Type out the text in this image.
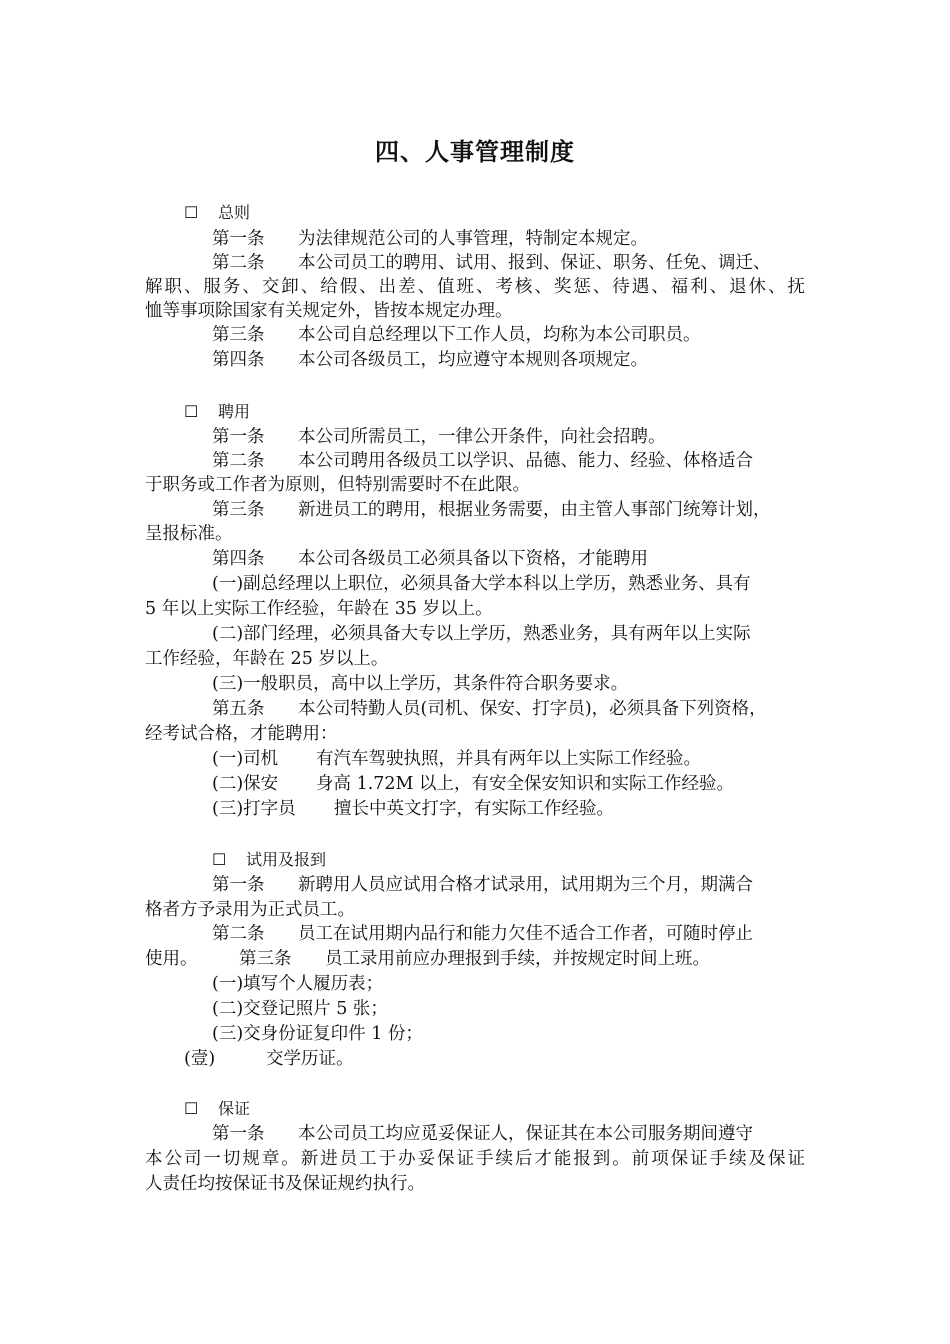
四、人事管理制度
☐ 总则
第一条 为法律规范公司的人事管理，特制定本规定。
第二条 本公司员工的聘用、试用、报到、保证、职务、任免、调迁、
解职、服务、交卸、给假、出差、值班、考核、奖惩、待遇、福利、退休、抚
恤等事项除国家有关规定外，皆按本规定办理。
第三条 本公司自总经理以下工作人员，均称为本公司职员。
第四条 本公司各级员工，均应遵守本规则各项规定。
☐ 聘用
第一条 本公司所需员工，一律公开条件，向社会招聘。
第二条 本公司聘用各级员工以学识、品德、能力、经验、体格适合
于职务或工作者为原则，但特别需要时不在此限。
第三条 新进员工的聘用，根据业务需要，由主管人事部门统筹计划，
呈报标准。
第四条 本公司各级员工必须具备以下资格，才能聘用
(一)副总经理以上职位，必须具备大学本科以上学历，熟悉业务、具有
5 年以上实际工作经验，年龄在 35 岁以上。
(二)部门经理，必须具备大专以上学历，熟悉业务，具有两年以上实际
工作经验，年龄在 25 岁以上。
(三)一般职员，高中以上学历，其条件符合职务要求。
第五条 本公司特勤人员(司机、保安、打字员)，必须具备下列资格，
经考试合格，才能聘用：
(一)司机 有汽车驾驶执照，并具有两年以上实际工作经验。
(二)保安 身高 1.72M 以上，有安全保安知识和实际工作经验。
(三)打字员 擅长中英文打字，有实际工作经验。
☐ 试用及报到
第一条 新聘用人员应试用合格才试录用，试用期为三个月，期满合
格者方予录用为正式员工。
第二条 员工在试用期内品行和能力欠佳不适合工作者，可随时停止
使用。 第三条 员工录用前应办理报到手续，并按规定时间上班。
(一)填写个人履历表；
(二)交登记照片 5 张；
(三)交身份证复印件 1 份；
(壹)	交学历证。
☐ 保证
第一条 本公司员工均应觅妥保证人，保证其在本公司服务期间遵守
本公司一切规章。新进员工于办妥保证手续后才能报到。前项保证手续及保证
人责任均按保证书及保证规约执行。
